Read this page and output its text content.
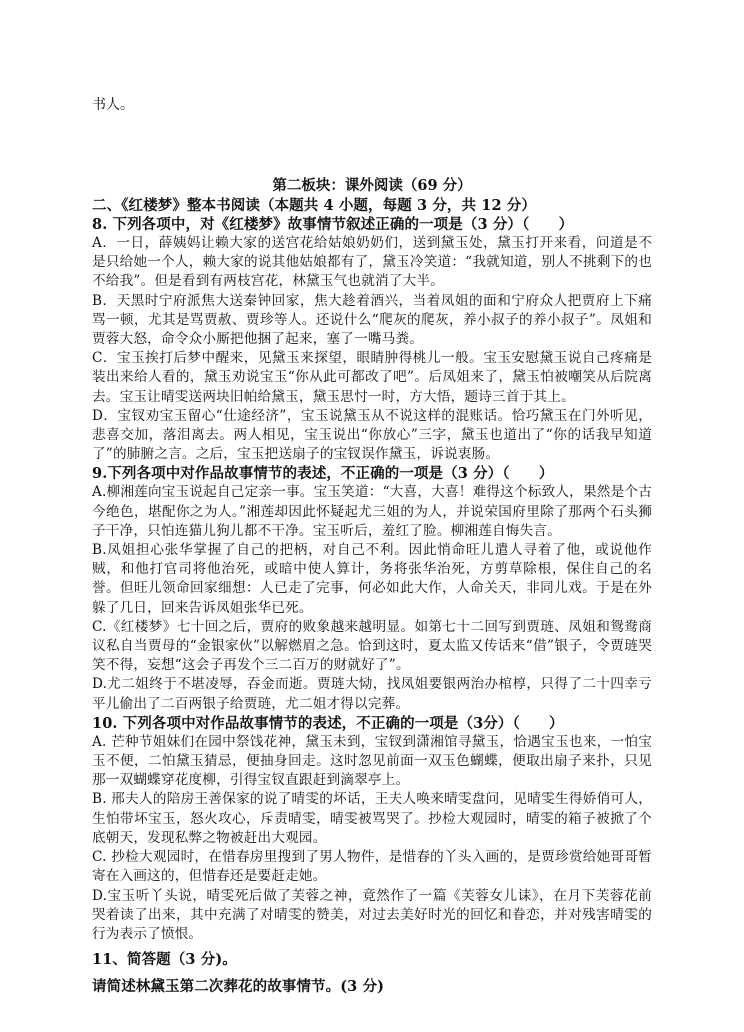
书人。
第二板块：课外阅读（69 分）
二、《红楼梦》整本书阅读（本题共 4 小题，每题 3 分，共 12 分）
8. 下列各项中，对《红楼梦》故事情节叙述正确的一项是（3 分）（　　）
A．一日，薛姨妈让赖大家的送宫花给姑娘奶奶们，送到黛玉处，黛玉打开来看，问道是不是只给她一个人，赖大家的说其他姑娘都有了，黛玉冷笑道：“我就知道，别人不挑剩下的也不给我”。但是看到有两枝宫花，林黛玉气也就消了大半。
B．天黑时宁府派焦大送秦钟回家，焦大趁着酒兴，当着凤姐的面和宁府众人把贾府上下痛骂一顿，尤其是骂贾赦、贾珍等人。还说什么“爬灰的爬灰，养小叔子的养小叔子”。凤姐和贾蓉大怒，命令众小厮把他捆了起来，塞了一嘴马粪。
C．宝玉挨打后梦中醒来，见黛玉来探望，眼睛肿得桃儿一般。宝玉安慰黛玉说自己疼痛是装出来给人看的，黛玉劝说宝玉“你从此可都改了吧”。后凤姐来了，黛玉怕被嘲笑从后院离去。宝玉让晴雯送两块旧帕给黛玉，黛玉思忖一时，方大悟，题诗三首于其上。
D．宝钗劝宝玉留心“仕途经济”，宝玉说黛玉从不说这样的混账话。恰巧黛玉在门外听见，悲喜交加，落泪离去。两人相见，宝玉说出“你放心”三字，黛玉也道出了“你的话我早知道了”的肺腑之言。之后，宝玉把送扇子的宝钗误作黛玉，诉说衷肠。
9.下列各项中对作品故事情节的表述，不正确的一项是（3 分）（　　）
A.柳湘莲向宝玉说起自己定亲一事。宝玉笑道：“大喜，大喜！难得这个标致人，果然是个古今绝色，堪配你之为人。”湘莲却因此怀疑起尤三姐的为人，并说荣国府里除了那两个石头狮子干净，只怕连猫儿狗儿都不干净。宝玉听后，羞红了脸。柳湘莲自悔失言。
B.凤姐担心张华掌握了自己的把柄，对自己不利。因此悄命旺儿遣人寻着了他，或说他作贼，和他打官司将他治死，或暗中使人算计，务将张华治死，方剪草除根，保住自己的名誉。但旺儿领命回家细想：人已走了完事，何必如此大作，人命关天，非同儿戏。于是在外躲了几日，回来告诉凤姐张华已死。
C.《红楼梦》七十回之后，贾府的败象越来越明显。如第七十二回写到贾琏、凤姐和鸳鸯商议私自当贾母的“金银家伙”以解燃眉之急。恰到这时，夏太监又传话来“借”银子，令贾琏哭笑不得，妄想“这会子再发个三二百万的财就好了”。
D.尤二姐终于不堪凌辱，吞金而逝。贾琏大恸，找凤姐要银两治办棺椁，只得了二十四幸亏平儿偷出了二百两银子给贾琏，尤二姐才得以完葬。
10. 下列各项中对作品故事情节的表述，不正确的一项是（3分）（　　）
A. 芒种节姐妹们在园中祭饯花神，黛玉未到，宝钗到潇湘馆寻黛玉，恰遇宝玉也来，一怕宝玉不便，二怕黛玉猜忌，便抽身回走。这时忽见前面一双玉色蝴蝶，便取出扇子来扑，只见那一双蝴蝶穿花度柳，引得宝钗直跟赶到滴翠亭上。
B. 邢夫人的陪房王善保家的说了晴雯的坏话，王夫人唤来晴雯盘问，见晴雯生得娇俏可人，生怕带坏宝玉，怒火攻心，斥责晴雯，晴雯被骂哭了。抄检大观园时，晴雯的箱子被掀了个底朝天，发现私弊之物被赶出大观园。
C. 抄检大观园时，在惜春房里搜到了男人物件，是惜春的丫头入画的，是贾珍赏给她哥哥暂寄在入画这的，但惜春还是要赶走她。
D.宝玉听丫头说，晴雯死后做了芙蓉之神，竟然作了一篇《芙蓉女儿诔》，在月下芙蓉花前哭着读了出来，其中充满了对晴雯的赞美，对过去美好时光的回忆和眷恋，并对残害晴雯的行为表示了愤恨。
11、简答题（3 分)。
请简述林黛玉第二次葬花的故事情节。(3 分)
